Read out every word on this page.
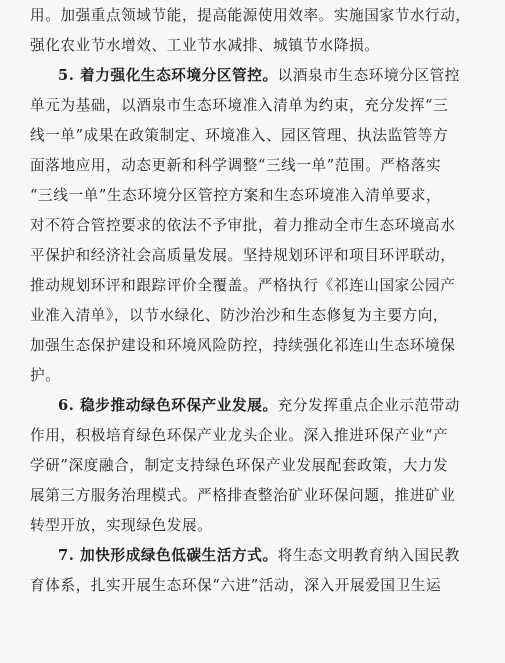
用。加强重点领域节能，提高能源使用效率。实施国家节水行动，
强化农业节水增效、工业节水减排、城镇节水降损。
5. 着力强化生态环境分区管控。以酒泉市生态环境分区管控
单元为基础，以酒泉市生态环境准入清单为约束，充分发挥“三
线一单”成果在政策制定、环境准入、园区管理、执法监管等方
面落地应用，动态更新和科学调整“三线一单”范围。严格落实
“三线一单”生态环境分区管控方案和生态环境准入清单要求，
对不符合管控要求的依法不予审批，着力推动全市生态环境高水
平保护和经济社会高质量发展。坚持规划环评和项目环评联动，
推动规划环评和跟踪评价全覆盖。严格执行《祁连山国家公园产
业准入清单》，以节水绿化、防沙治沙和生态修复为主要方向，
加强生态保护建设和环境风险防控，持续强化祁连山生态环境保
护。
6. 稳步推动绿色环保产业发展。充分发挥重点企业示范带动
作用，积极培育绿色环保产业龙头企业。深入推进环保产业“产
学研”深度融合，制定支持绿色环保产业发展配套政策，大力发
展第三方服务治理模式。严格排查整治矿业环保问题，推进矿业
转型开放，实现绿色发展。
7. 加快形成绿色低碳生活方式。将生态文明教育纳入国民教
育体系，扎实开展生态环保“六进”活动，深入开展爱国卫生运
